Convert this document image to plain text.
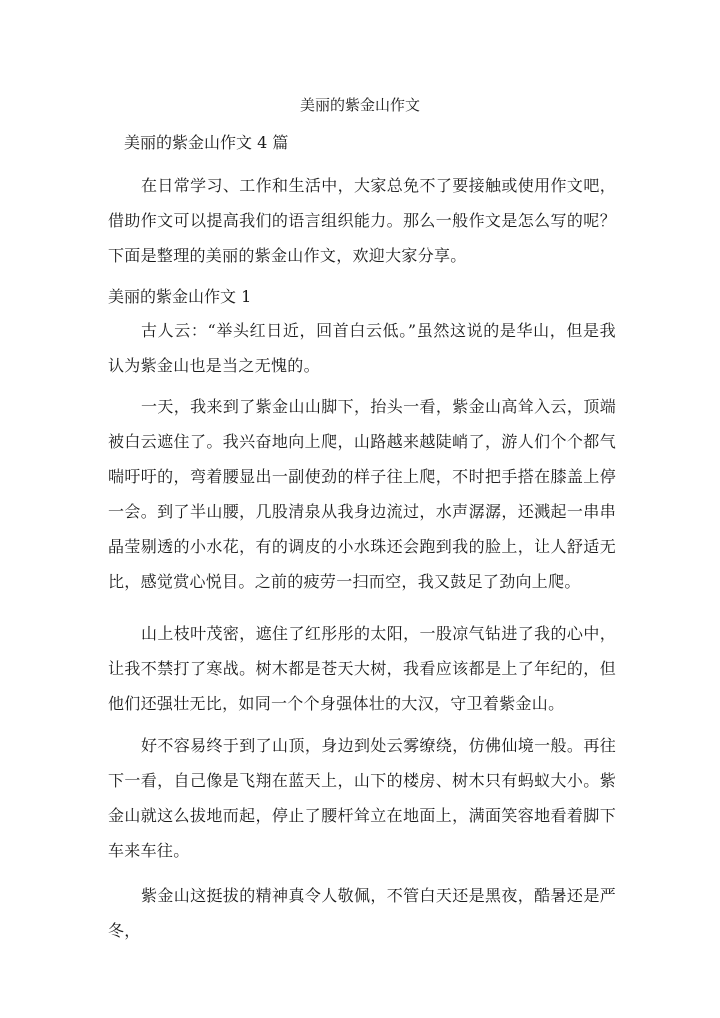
美丽的紫金山作文
美丽的紫金山作文 4 篇

在日常学习、工作和生活中，大家总免不了要接触或使用作文吧，借助作文可以提高我们的语言组织能力。那么一般作文是怎么写的呢？下面是整理的美丽的紫金山作文，欢迎大家分享。

美丽的紫金山作文 1

古人云：“举头红日近，回首白云低。”虽然这说的是华山，但是我认为紫金山也是当之无愧的。

一天，我来到了紫金山山脚下，抬头一看，紫金山高耸入云，顶端被白云遮住了。我兴奋地向上爬，山路越来越陡峭了，游人们个个都气喘吁吁的，弯着腰显出一副使劲的样子往上爬，不时把手搭在膝盖上停一会。到了半山腰，几股清泉从我身边流过，水声潺潺，还溅起一串串晶莹剔透的小水花，有的调皮的小水珠还会跑到我的脸上，让人舒适无比，感觉赏心悦目。之前的疲劳一扫而空，我又鼓足了劲向上爬。

山上枝叶茂密，遮住了红彤彤的太阳，一股凉气钻进了我的心中，让我不禁打了寒战。树木都是苍天大树，我看应该都是上了年纪的，但他们还强壮无比，如同一个个身强体壮的大汉，守卫着紫金山。

好不容易终于到了山顶，身边到处云雾缭绕，仿佛仙境一般。再往下一看，自己像是飞翔在蓝天上，山下的楼房、树木只有蚂蚁大小。紫金山就这么拔地而起，停止了腰杆耸立在地面上，满面笑容地看着脚下车来车往。

紫金山这挺拔的精神真令人敬佩，不管白天还是黑夜，酷暑还是严冬，
